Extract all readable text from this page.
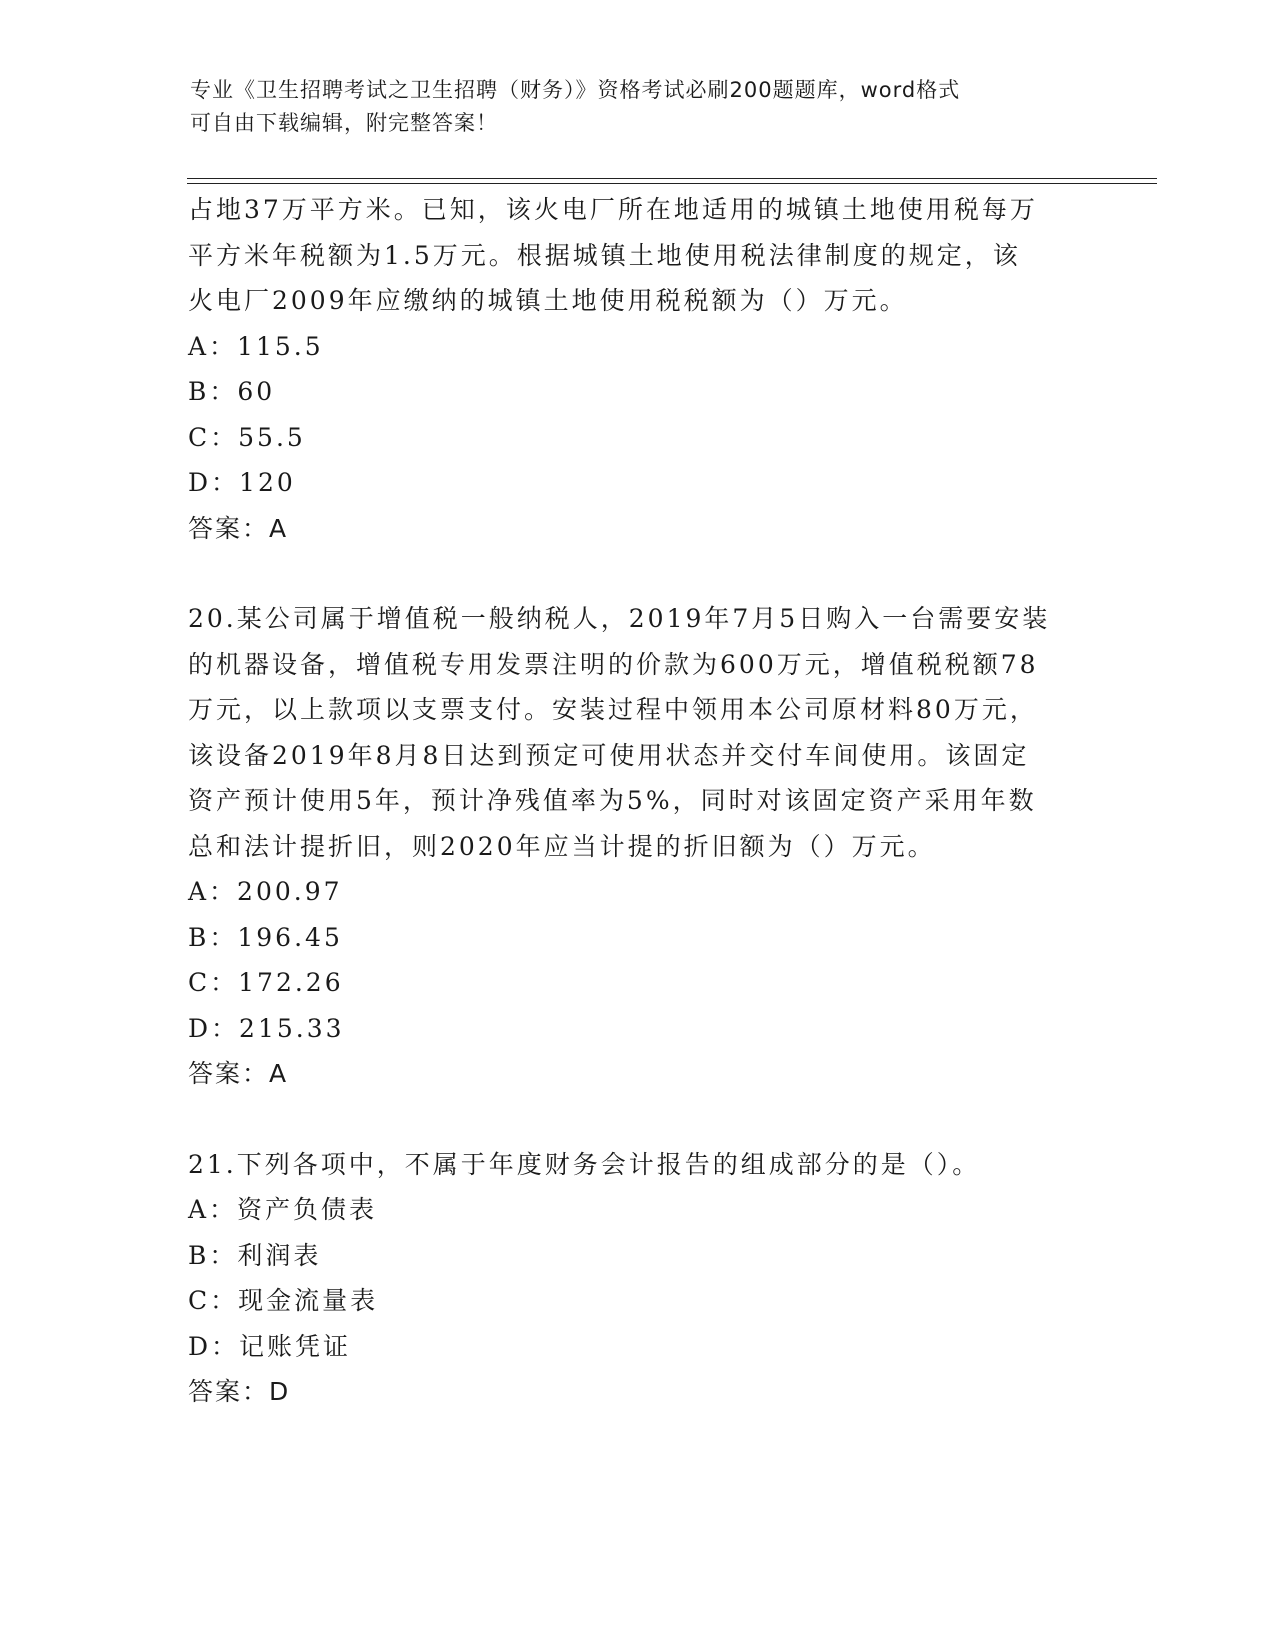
专业《卫生招聘考试之卫生招聘（财务）》资格考试必刷200题题库，word格式
可自由下载编辑，附完整答案！

占地37万平方米。已知，该火电厂所在地适用的城镇土地使用税每万

平方米年税额为1.5万元。根据城镇土地使用税法律制度的规定，该

火电厂2009年应缴纳的城镇土地使用税税额为（）万元。

A：115.5

B：60

C：55.5

D：120

答案：A

20.某公司属于增值税一般纳税人，2019年7月5日购入一台需要安装

的机器设备，增值税专用发票注明的价款为600万元，增值税税额78

万元，以上款项以支票支付。安装过程中领用本公司原材料80万元，

该设备2019年8月8日达到预定可使用状态并交付车间使用。该固定

资产预计使用5年，预计净残值率为5%，同时对该固定资产采用年数

总和法计提折旧，则2020年应当计提的折旧额为（）万元。

A：200.97

B：196.45

C：172.26

D：215.33

答案：A

21.下列各项中，不属于年度财务会计报告的组成部分的是（）。

A：资产负债表

B：利润表

C：现金流量表

D：记账凭证

答案：D
